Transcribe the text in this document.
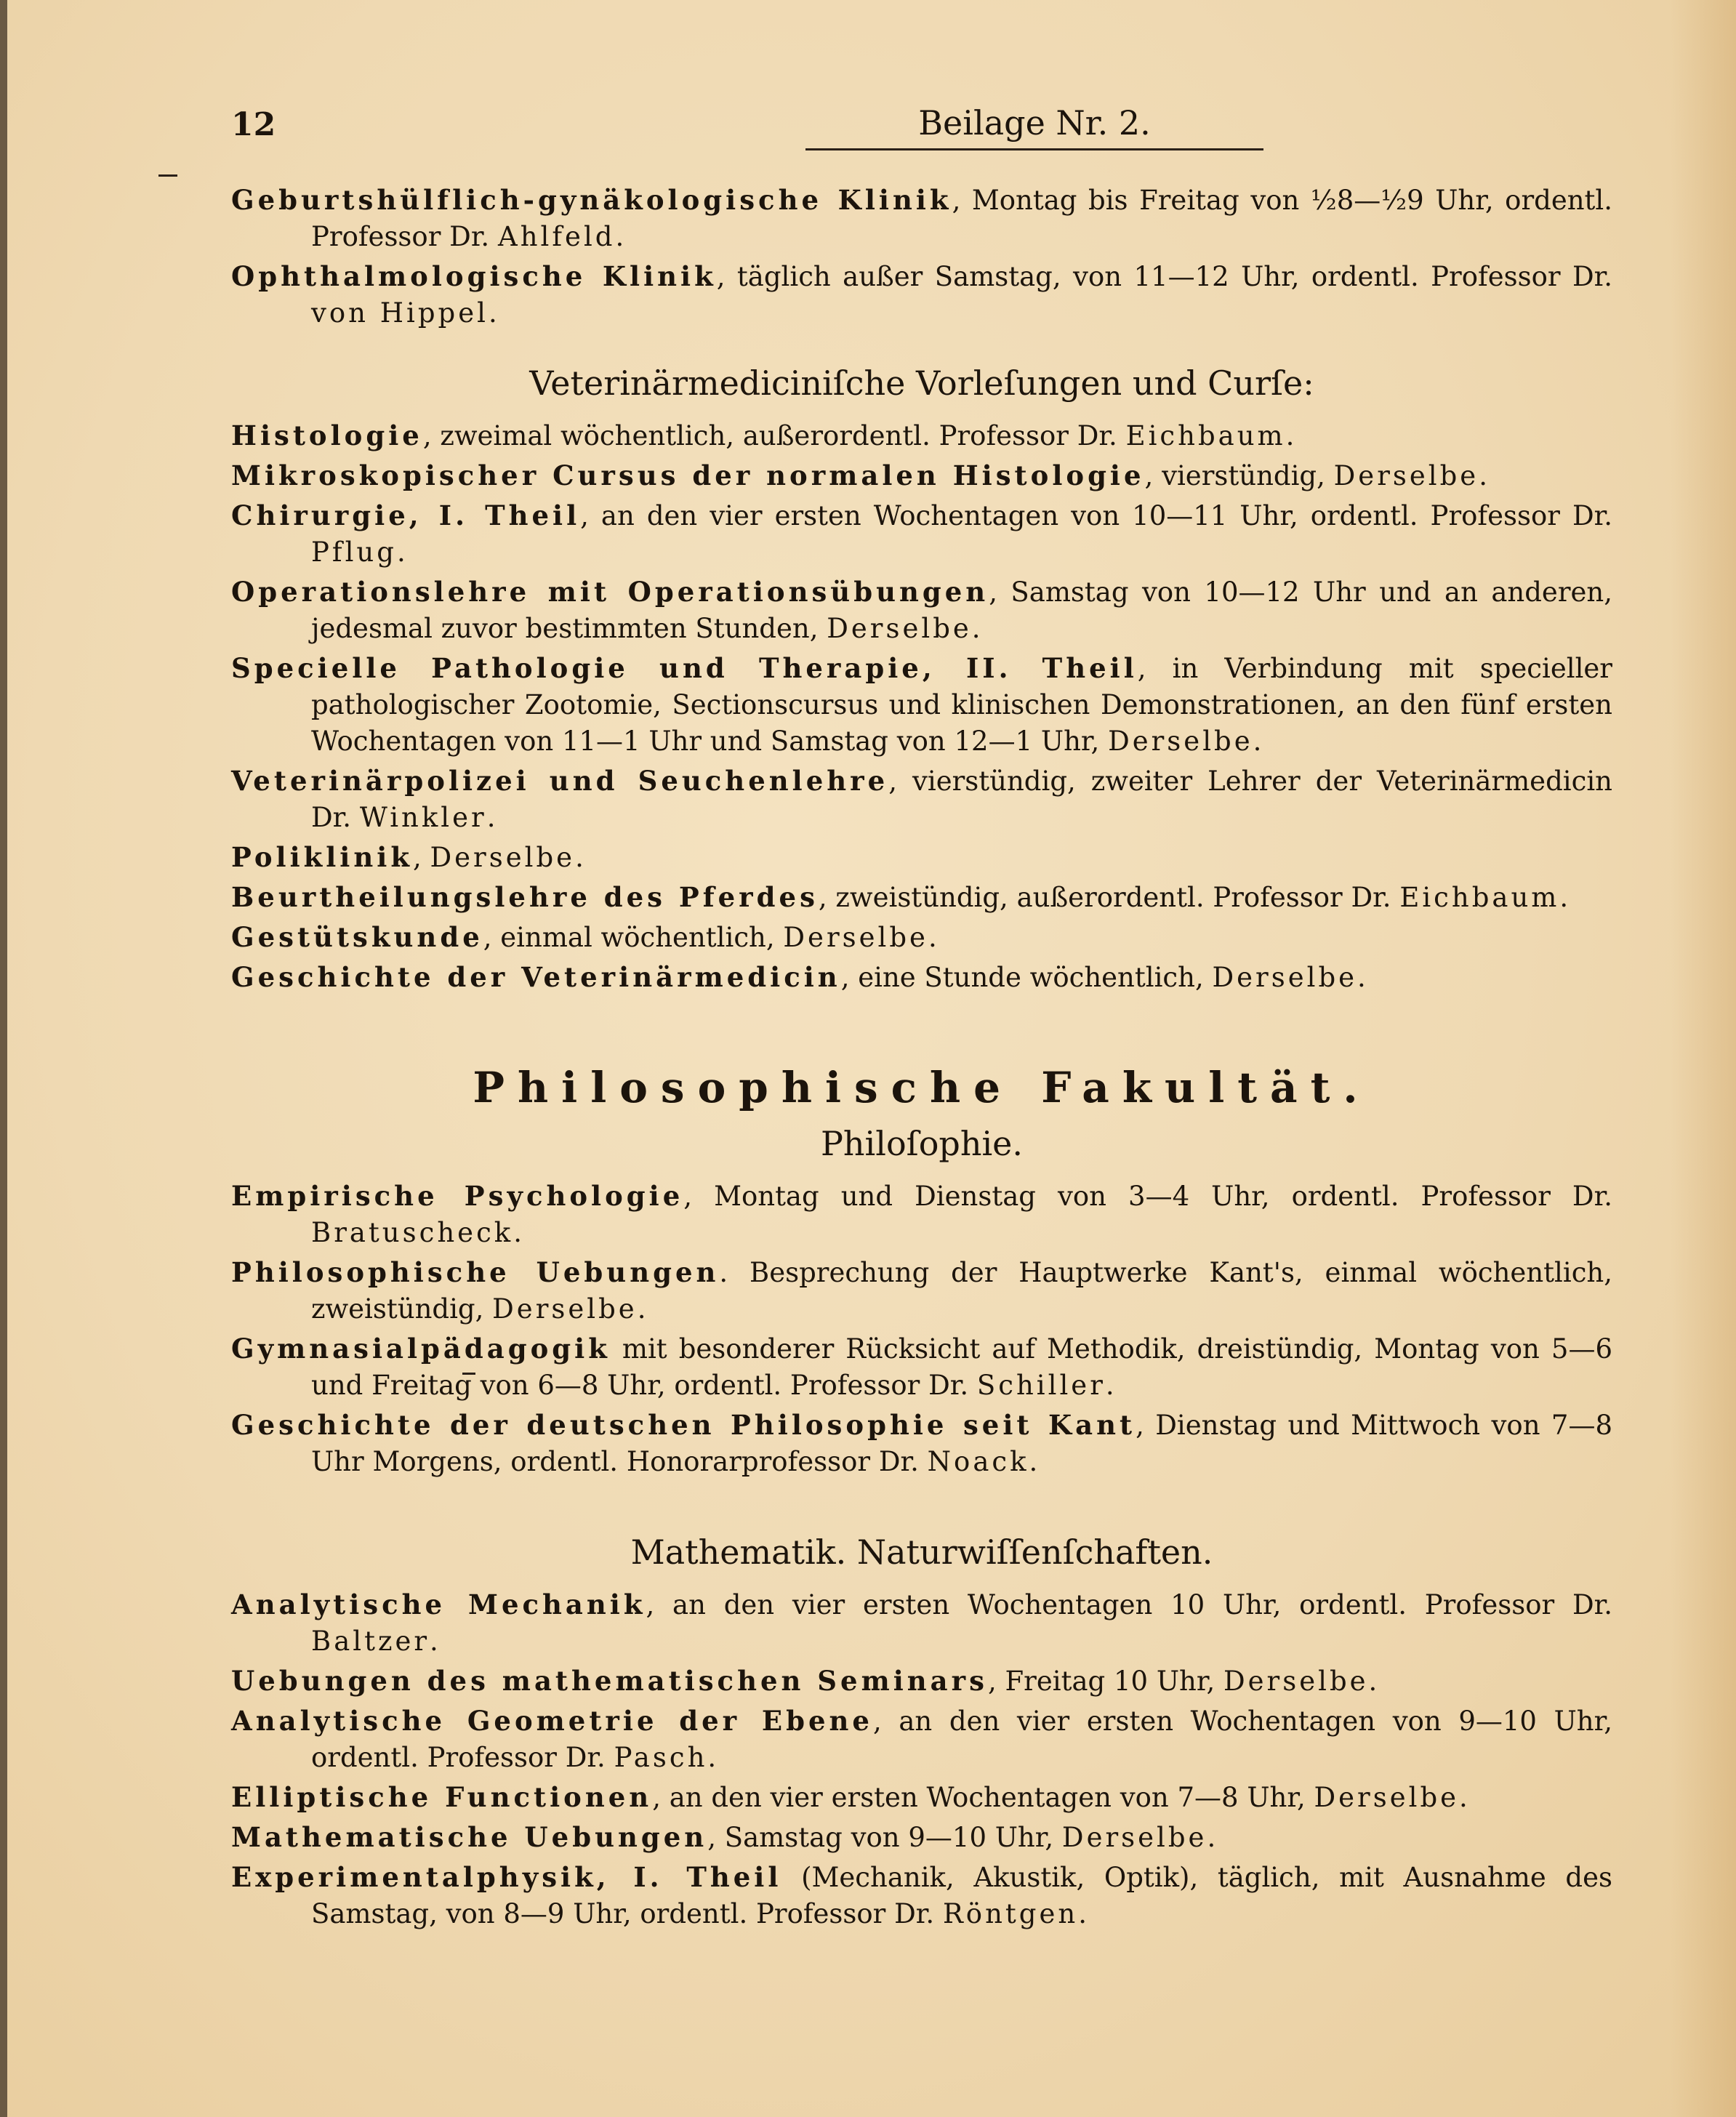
12	Beilage Nr. 2.
Geburtshülflich-gynäkologische Klinik, Montag bis Freitag von ½8—½9 Uhr, ordentl. Professor Dr. Ahlfeld.
Ophthalmologische Klinik, täglich außer Samstag, von 11—12 Uhr, ordentl. Professor Dr. von Hippel.
Veterinärmediciniſche Vorleſungen und Curſe:
Histologie, zweimal wöchentlich, außerordentl. Professor Dr. Eichbaum.
Mikroskopischer Cursus der normalen Histologie, vierstündig, Derselbe.
Chirurgie, I. Theil, an den vier ersten Wochentagen von 10—11 Uhr, ordentl. Professor Dr. Pflug.
Operationslehre mit Operationsübungen, Samstag von 10—12 Uhr und an anderen, jedesmal zuvor bestimmten Stunden, Derselbe.
Specielle Pathologie und Therapie, II. Theil, in Verbindung mit specieller pathologischer Zootomie, Sectionscursus und klinischen Demonstrationen, an den fünf ersten Wochentagen von 11—1 Uhr und Samstag von 12—1 Uhr, Derselbe.
Veterinärpolizei und Seuchenlehre, vierstündig, zweiter Lehrer der Veterinärmedicin Dr. Winkler.
Poliklinik, Derselbe.
Beurtheilungslehre des Pferdes, zweistündig, außerordentl. Professor Dr. Eichbaum.
Gestütskunde, einmal wöchentlich, Derselbe.
Geschichte der Veterinärmedicin, eine Stunde wöchentlich, Derselbe.
Philosophische Fakultät.
Philoſophie.
Empirische Psychologie, Montag und Dienstag von 3—4 Uhr, ordentl. Professor Dr. Bratuscheck.
Philosophische Uebungen. Besprechung der Hauptwerke Kant's, einmal wöchentlich, zweistündig, Derselbe.
Gymnasialpädagogik mit besonderer Rücksicht auf Methodik, dreistündig, Montag von 5—6 und Freitag von 6—8 Uhr, ordentl. Professor Dr. Schiller.
Geschichte der deutschen Philosophie seit Kant, Dienstag und Mittwoch von 7—8 Uhr Morgens, ordentl. Honorarprofessor Dr. Noack.
Mathematik. Naturwiſſenſchaften.
Analytische Mechanik, an den vier ersten Wochentagen 10 Uhr, ordentl. Professor Dr. Baltzer.
Uebungen des mathematischen Seminars, Freitag 10 Uhr, Derselbe.
Analytische Geometrie der Ebene, an den vier ersten Wochentagen von 9—10 Uhr, ordentl. Professor Dr. Pasch.
Elliptische Functionen, an den vier ersten Wochentagen von 7—8 Uhr, Derselbe.
Mathematische Uebungen, Samstag von 9—10 Uhr, Derselbe.
Experimentalphysik, I. Theil (Mechanik, Akustik, Optik), täglich, mit Ausnahme des Samstag, von 8—9 Uhr, ordentl. Professor Dr. Röntgen.
